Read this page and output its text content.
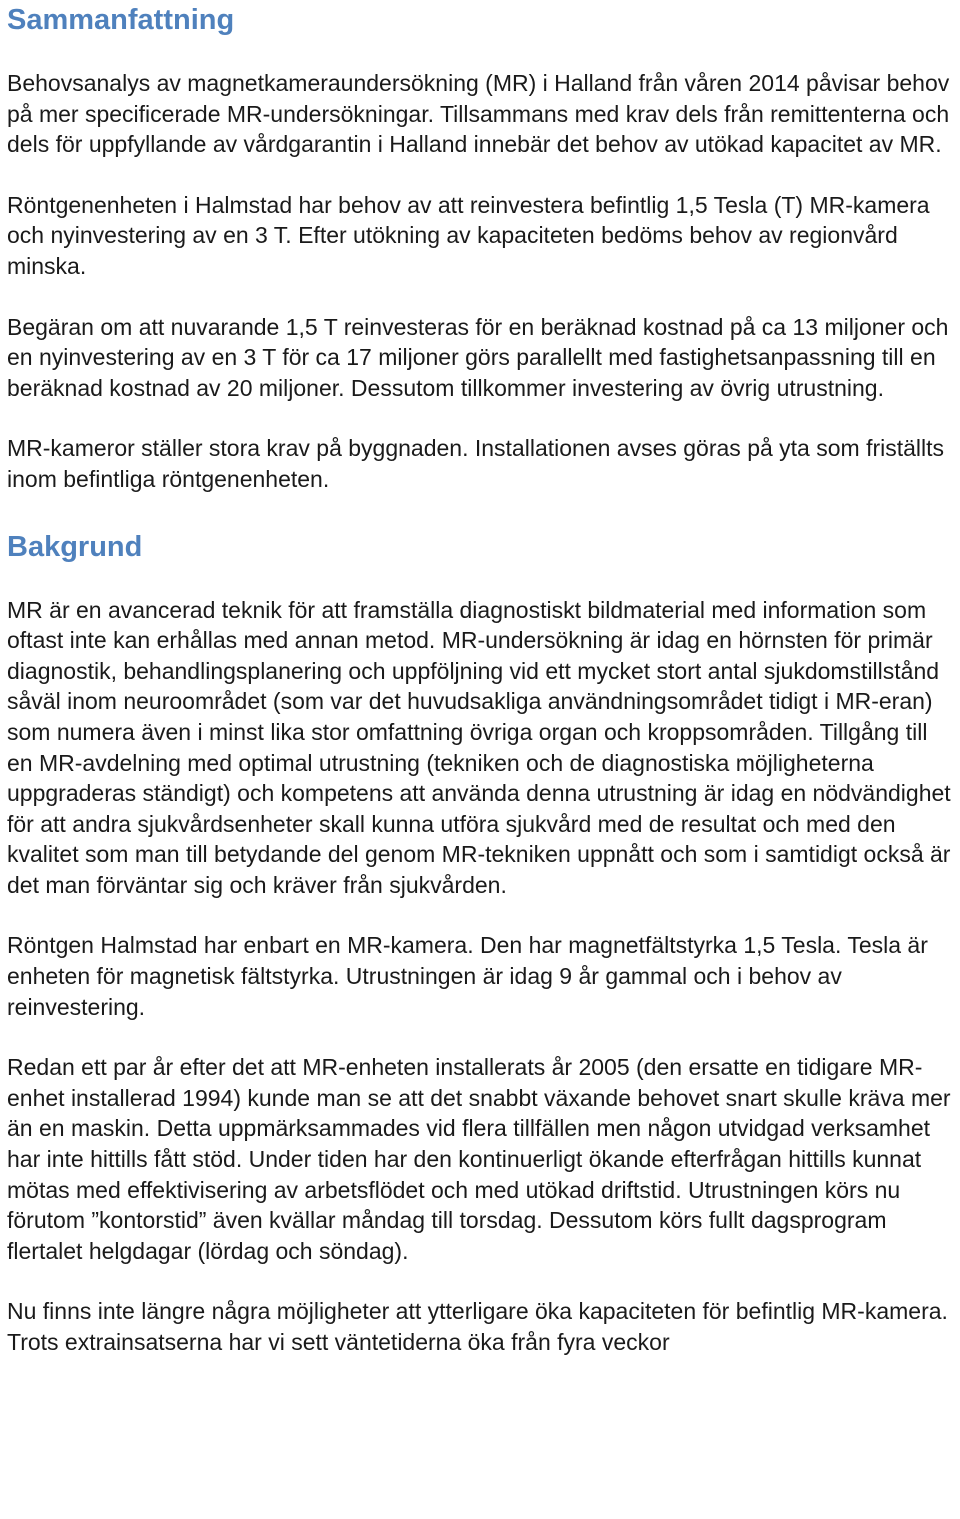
Sammanfattning

Behovsanalys av magnetkameraundersökning (MR) i Halland från våren 2014 påvisar behov på mer specificerade MR-undersökningar. Tillsammans med krav dels från remittenterna och dels för uppfyllande av vårdgarantin i Halland innebär det behov av utökad kapacitet av MR.

Röntgenenheten i Halmstad har behov av att reinvestera befintlig 1,5 Tesla (T) MR-kamera och nyinvestering av en 3 T. Efter utökning av kapaciteten bedöms behov av regionvård minska.

Begäran om att nuvarande 1,5 T reinvesteras för en beräknad kostnad på ca 13 miljoner och en nyinvestering av en 3 T för ca 17 miljoner görs parallellt med fastighetsanpassning till en beräknad kostnad av 20 miljoner. Dessutom tillkommer investering av övrig utrustning.

MR-kameror ställer stora krav på byggnaden. Installationen avses göras på yta som friställts inom befintliga röntgenenheten.

Bakgrund

MR är en avancerad teknik för att framställa diagnostiskt bildmaterial med information som oftast inte kan erhållas med annan metod. MR-undersökning är idag en hörnsten för primär diagnostik, behandlingsplanering och uppföljning vid ett mycket stort antal sjukdomstillstånd såväl inom neuroområdet (som var det huvudsakliga användningsområdet tidigt i MR-eran) som numera även i minst lika stor omfattning övriga organ och kroppsområden. Tillgång till en MR-avdelning med optimal utrustning (tekniken och de diagnostiska möjligheterna uppgraderas ständigt) och kompetens att använda denna utrustning är idag en nödvändighet för att andra sjukvårdsenheter skall kunna utföra sjukvård med de resultat och med den kvalitet som man till betydande del genom MR-tekniken uppnått och som i samtidigt också är det man förväntar sig och kräver från sjukvården.

Röntgen Halmstad har enbart en MR-kamera. Den har magnetfältstyrka 1,5 Tesla. Tesla är enheten för magnetisk fältstyrka. Utrustningen är idag 9 år gammal och i behov av reinvestering.

Redan ett par år efter det att MR-enheten installerats år 2005 (den ersatte en tidigare MR-enhet installerad 1994) kunde man se att det snabbt växande behovet snart skulle kräva mer än en maskin. Detta uppmärksammades vid flera tillfällen men någon utvidgad verksamhet har inte hittills fått stöd. Under tiden har den kontinuerligt ökande efterfrågan hittills kunnat mötas med effektivisering av arbetsflödet och med utökad driftstid. Utrustningen körs nu förutom ”kontorstid” även kvällar måndag till torsdag. Dessutom körs fullt dagsprogram flertalet helgdagar (lördag och söndag).

Nu finns inte längre några möjligheter att ytterligare öka kapaciteten för befintlig MR-kamera. Trots extrainsatserna har vi sett väntetiderna öka från fyra veckor
